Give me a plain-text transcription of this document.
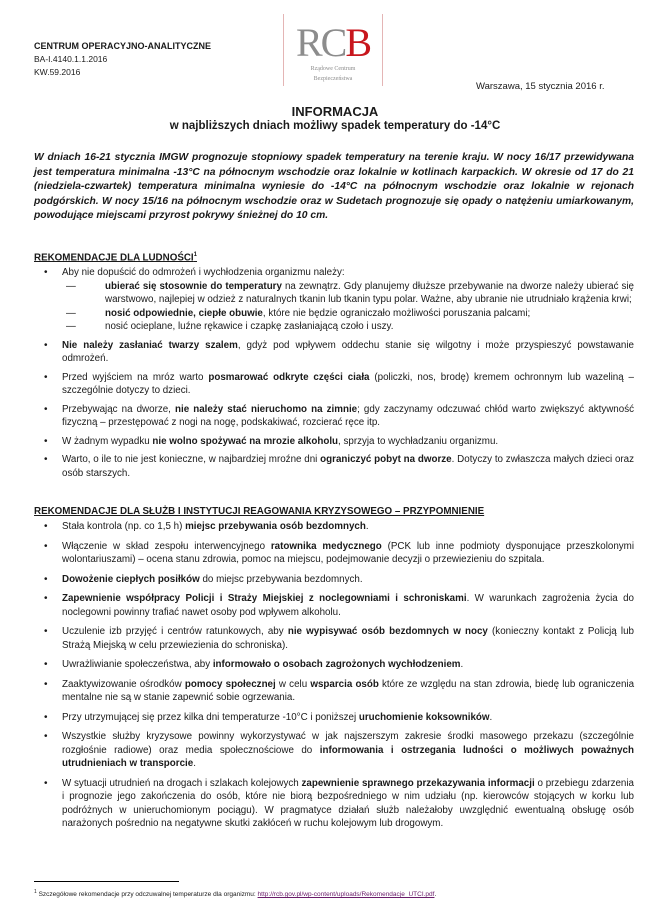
CENTRUM OPERACYJNO-ANALITYCZNE
BA-I.4140.1.1.2016
KW.59.2016
RCB
Rządowe Centrum
Bezpieczeństwa
Warszawa, 15 stycznia 2016 r.
INFORMACJA
w najbliższych dniach możliwy spadek temperatury do -14°C
W dniach 16-21 stycznia IMGW prognozuje stopniowy spadek temperatury na terenie kraju. W nocy 16/17 przewidywana jest temperatura minimalna -13°C na północnym wschodzie oraz lokalnie w kotlinach karpackich. W okresie od 17 do 21 (niedziela-czwartek) temperatura minimalna wyniesie do -14°C na północnym wschodzie oraz lokalnie w rejonach podgórskich. W nocy 15/16 na północnym wschodzie oraz w Sudetach prognozuje się opady o natężeniu umiarkowanym, powodujące miejscami przyrost pokrywy śnieżnej do 10 cm.
REKOMENDACJE DLA LUDNOŚCI$^1$
• Aby nie dopuścić do odmrożeń i wychłodzenia organizmu należy:
—	ubierać się stosownie do temperatury na zewnątrz. Gdy planujemy dłuższe przebywanie na dworze należy ubierać się warstwowo, najlepiej w odzież z naturalnych tkanin lub tkanin typu polar. Ważne, aby ubranie nie utrudniało krążenia krwi;
—	nosić odpowiednie, ciepłe obuwie, które nie będzie ograniczało możliwości poruszania palcami;
—	nosić ocieplane, luźne rękawice i czapkę zasłaniającą czoło i uszy.
• Nie należy zasłaniać twarzy szalem, gdyż pod wpływem oddechu stanie się wilgotny i może przyspieszyć powstawanie odmrożeń.
• Przed wyjściem na mróz warto posmarować odkryte części ciała (policzki, nos, brodę) kremem ochronnym lub wazeliną – szczególnie dotyczy to dzieci.
• Przebywając na dworze, nie należy stać nieruchomo na zimnie; gdy zaczynamy odczuwać chłód warto zwiększyć aktywność fizyczną – przestępować z nogi na nogę, podskakiwać, rozcierać ręce itp.
• W żadnym wypadku nie wolno spożywać na mrozie alkoholu, sprzyja to wychładzaniu organizmu.
• Warto, o ile to nie jest konieczne, w najbardziej mroźne dni ograniczyć pobyt na dworze. Dotyczy to zwłaszcza małych dzieci oraz osób starszych.
REKOMENDACJE DLA SŁUŻB I INSTYTUCJI REAGOWANIA KRYZYSOWEGO – PRZYPOMNIENIE
• Stała kontrola (np. co 1,5 h) miejsc przebywania osób bezdomnych.
• Włączenie w skład zespołu interwencyjnego ratownika medycznego (PCK lub inne podmioty dysponujące przeszkolonymi wolontariuszami) – ocena stanu zdrowia, pomoc na miejscu, podejmowanie decyzji o przewiezieniu do szpitala.
• Dowożenie ciepłych posiłków do miejsc przebywania bezdomnych.
• Zapewnienie współpracy Policji i Straży Miejskiej z noclegowniami i schroniskami. W warunkach zagrożenia życia do noclegowni powinny trafiać nawet osoby pod wpływem alkoholu.
• Uczulenie izb przyjęć i centrów ratunkowych, aby nie wypisywać osób bezdomnych w nocy (konieczny kontakt z Policją lub Strażą Miejską w celu przewiezienia do schroniska).
• Uwrażliwianie społeczeństwa, aby informowało o osobach zagrożonych wychłodzeniem.
• Zaaktywizowanie ośrodków pomocy społecznej w celu wsparcia osób które ze względu na stan zdrowia, biedę lub ograniczenia mentalne nie są w stanie zapewnić sobie ogrzewania.
• Przy utrzymującej się przez kilka dni temperaturze -10°C i poniższej uruchomienie koksowników.
• Wszystkie służby kryzysowe powinny wykorzystywać w jak najszerszym zakresie środki masowego przekazu (szczególnie rozgłośnie radiowe) oraz media społecznościowe do informowania i ostrzegania ludności o możliwych poważnych utrudnieniach w transporcie.
• W sytuacji utrudnień na drogach i szlakach kolejowych zapewnienie sprawnego przekazywania informacji o przebiegu zdarzenia i prognozie jego zakończenia do osób, które nie biorą bezpośredniego w nim udziału (np. kierowców stojących w korku lub podróżnych w unieruchomionym pociągu). W pragmatyce działań służb należałoby uwzględnić ewentualną obsługę osób narażonych pośrednio na negatywne skutki zakłóceń w ruchu kolejowym lub drogowym.
$^1$ Szczegółowe rekomendacje przy odczuwalnej temperaturze dla organizmu: http://rcb.gov.pl/wp-content/uploads/Rekomendacje_UTCI.pdf.
